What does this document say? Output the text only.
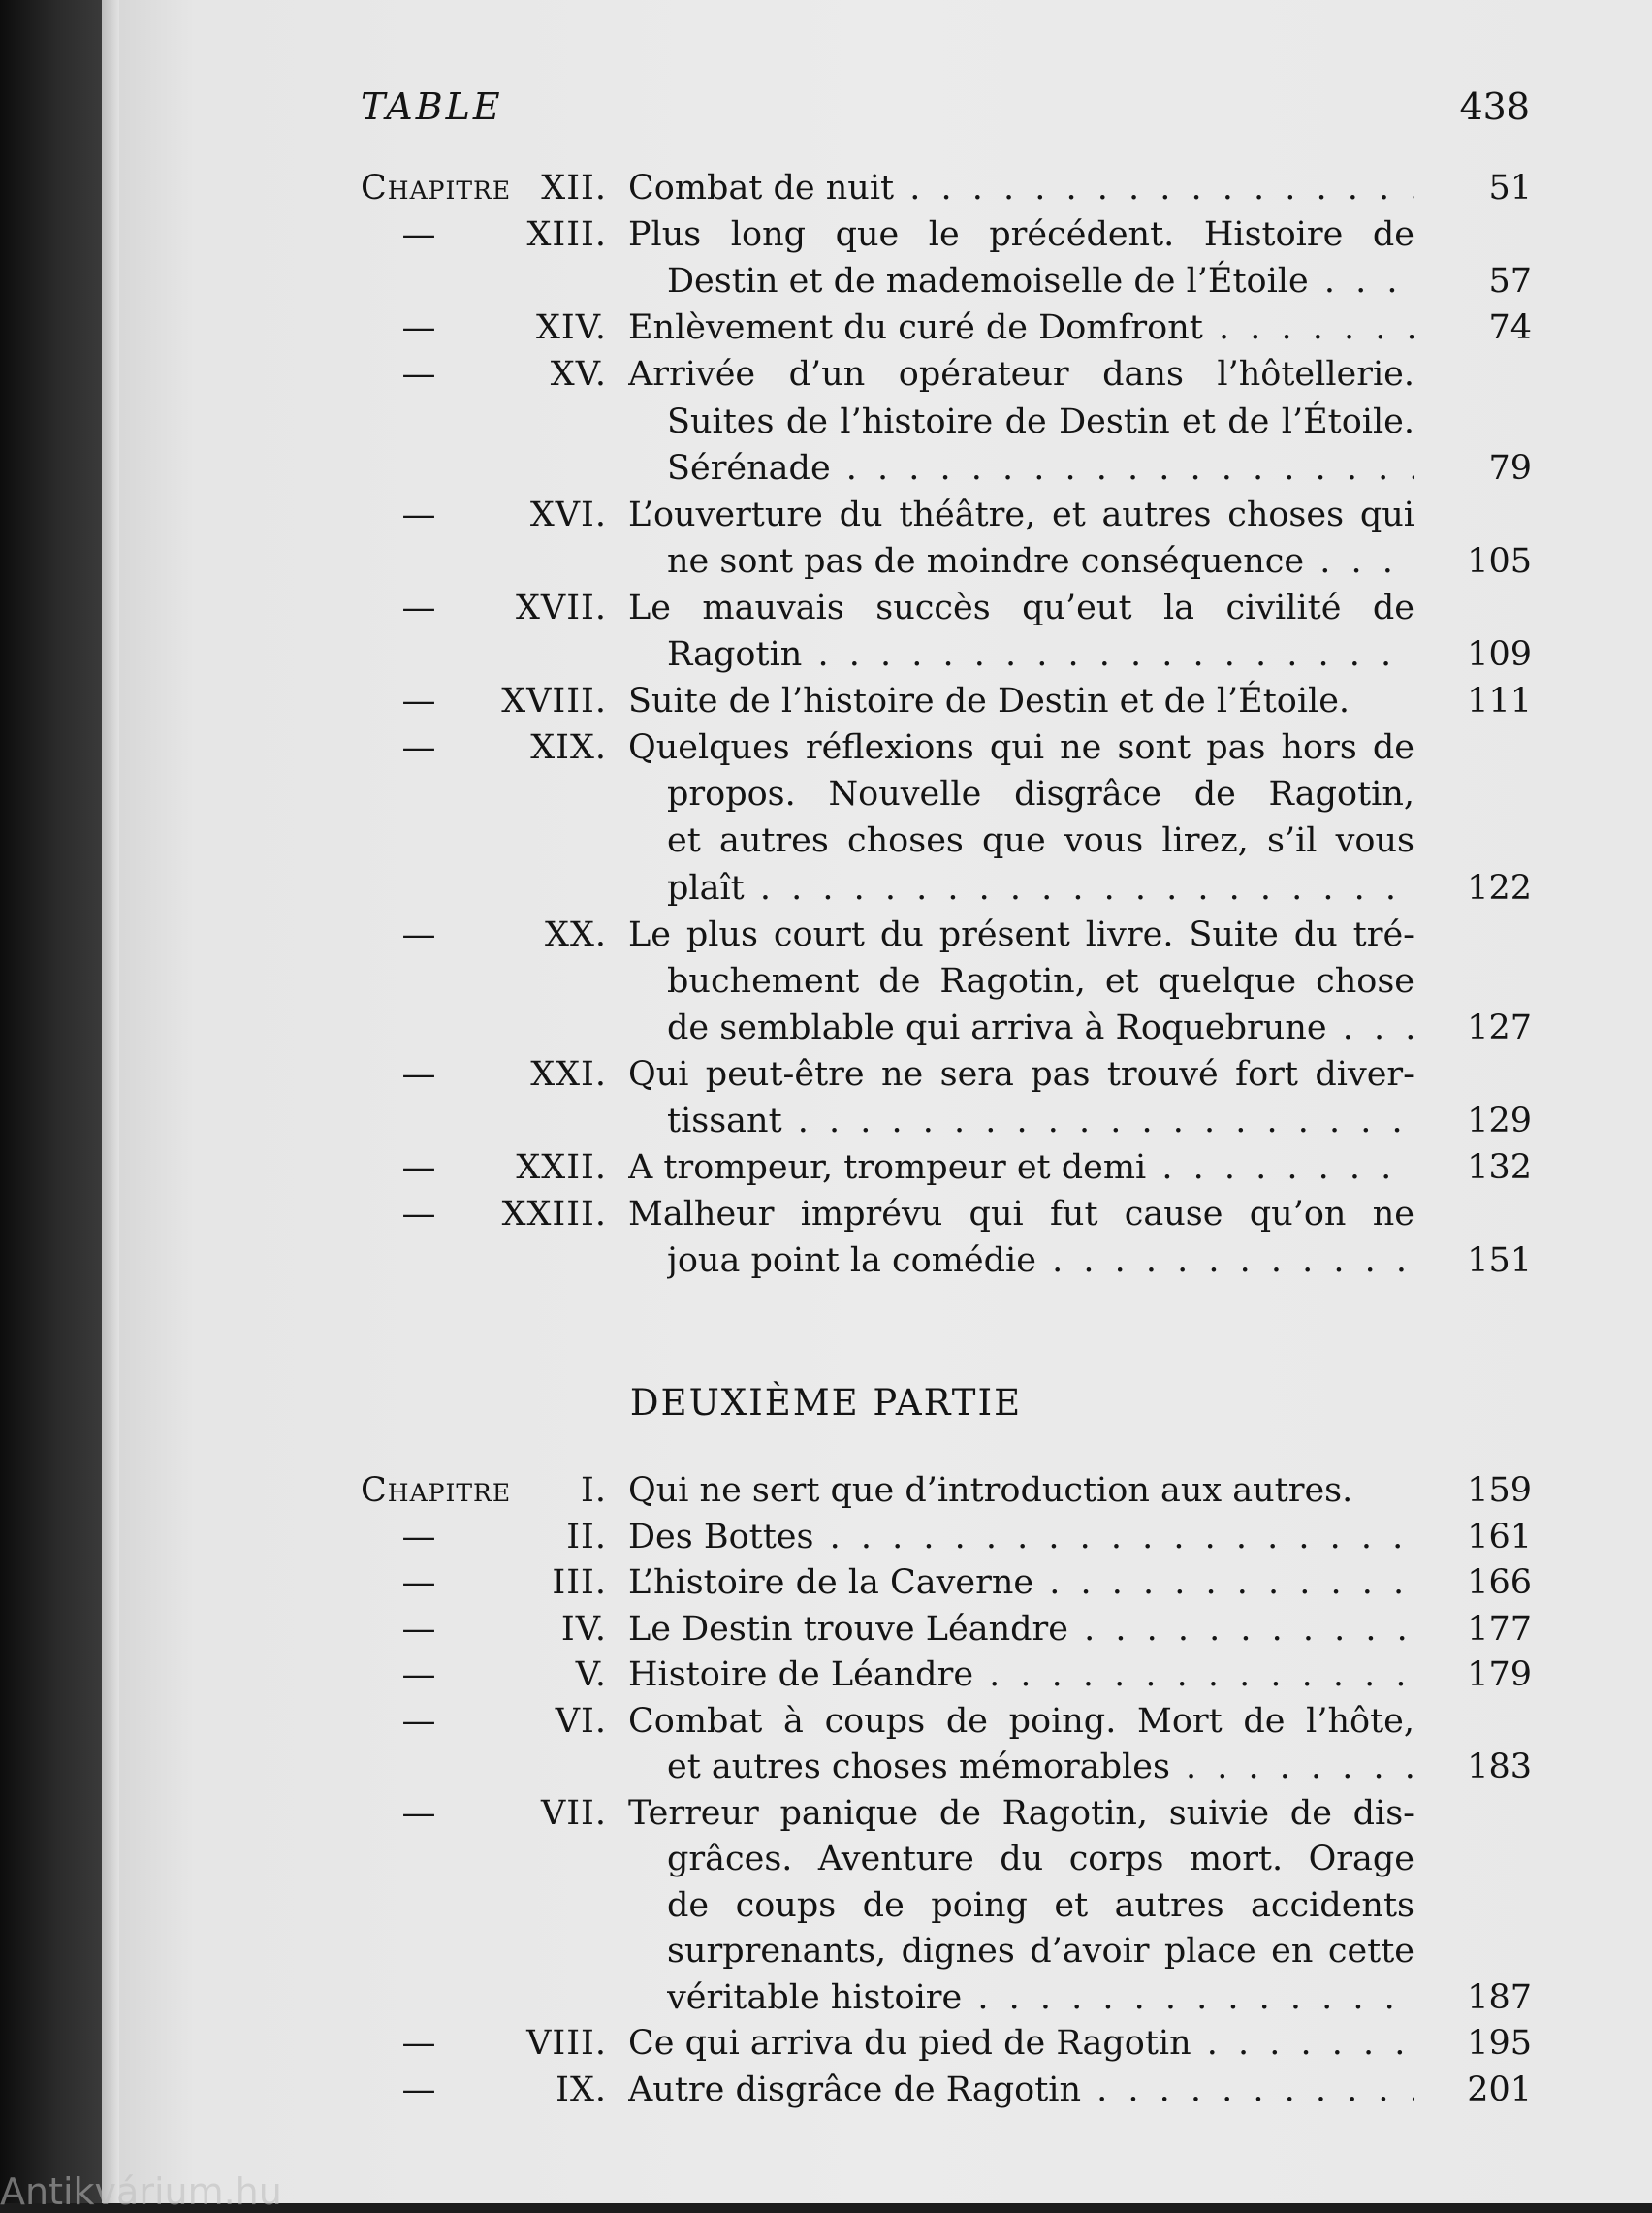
TABLE	438
Chapitre XII. Combat de nuit . . .	51
—	XIII. Plus long que le précédent. Histoire de
Destin et de mademoiselle de l’Étoile . . .	57
—	XIV. Enlèvement du curé de Domfront . . .	74
—	XV. Arrivée d’un opérateur dans l’hôtellerie.
Suites de l’histoire de Destin et de l’Étoile.
Sérénade . . .	79
—	XVI. L’ouverture du théâtre, et autres choses qui
ne sont pas de moindre conséquence . . .	105
— XVII. Le mauvais succès qu’eut la civilité de
Ragotin . . .	109
— XVIII. Suite de l’histoire de Destin et de l’Étoile.	111
—	XIX. Quelques réflexions qui ne sont pas hors de
propos. Nouvelle disgrâce de Ragotin,
et autres choses que vous lirez, s’il vous
plaît . . .	122
—	XX. Le plus court du présent livre. Suite du tré-
buchement de Ragotin, et quelque chose
de semblable qui arriva à Roquebrune . . .	127
—	XXI. Qui peut-être ne sera pas trouvé fort diver-
tissant . . .	129
— XXII. A trompeur, trompeur et demi . . .	132
— XXIII. Malheur imprévu qui fut cause qu’on ne
joua point la comédie . . .	151
DEUXIÈME PARTIE
Chapitre I. Qui ne sert que d’introduction aux autres.	159
—	II. Des Bottes . . .	161
—	III. L’histoire de la Caverne . . .	166
—	IV. Le Destin trouve Léandre . . .	177
—	V. Histoire de Léandre . . .	179
—	VI. Combat à coups de poing. Mort de l’hôte,
et autres choses mémorables . . .	183
—	VII. Terreur panique de Ragotin, suivie de dis-
grâces. Aventure du corps mort. Orage
de coups de poing et autres accidents
surprenants, dignes d’avoir place en cette
véritable histoire . . .	187
—	VIII. Ce qui arriva du pied de Ragotin . . .	195
—	IX. Autre disgrâce de Ragotin . . .	201
Antikvárium.hu
